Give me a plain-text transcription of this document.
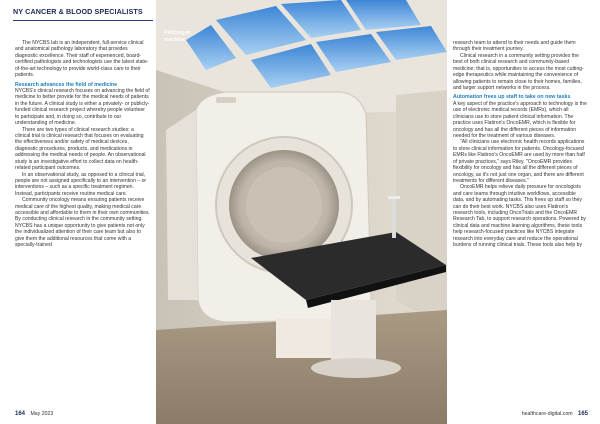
NY CANCER & BLOOD SPECIALISTS

The NYCBS lab is an independent, full-service clinical and anatomical pathology laboratory that provides diagnostic excellence. Their staff of experienced, board-certified pathologists and technologists use the latest state-of-the-art technology to provide world-class care to their patients.

Research advances the field of medicine

NYCBS's clinical research focuses on advancing the field of medicine to better provide for the medical needs of patients in the future. A clinical study is either a privately- or publicly-funded clinical research project whereby people volunteer to participate and, in doing so, contribute to our understanding of medicine.

There are two types of clinical research studies: a clinical trial is clinical research that focuses on evaluating the effectiveness and/or safety of medical devices, diagnostic procedures, products, and medications in addressing the medical needs of people. An observational study is an investigative effort to collect data on health-related participant outcomes.

In an observational study, as opposed to a clinical trial, people are not assigned specifically to an intervention – or interventions – such as a specific treatment regimen. Instead, participants receive routine medical care.

Community oncology means ensuring patients receive medical care of the highest quality, making medical care accessible and affordable to them in their own communities. By conducting clinical research in the community setting, NYCBS has a unique opportunity to give patients not only the individualized attention of their care team but also to give them the additional resources that come with a specially-trained

Patchogue
machine

research team to attend to their needs and guide them through their treatment journey.

Clinical research in a community setting provides the best of both clinical research and community-based medicine; that is, opportunities to access the most cutting-edge therapeutics while maintaining the convenience of allowing patients to remain close to their homes, families, and larger support networks in the process.

Automation frees up staff to take on new tasks

A key aspect of the practice's approach to technology is the use of electronic medical records (EMRs), which all clinicians use to store patient clinical information. The practice uses Flatiron's OncoEMR, which is flexible for oncology and has all the different pieces of information needed for the treatment of various diseases.

"All clinicians use electronic health records applications to store clinical information for patients. Oncology-focused EMRs like Flatiron's OncoEMR are used by more than half of private practices," says Riley. "OncoEMR provides flexibility for oncology and has all the different pieces of oncology, as it's not just one organ, and there are different treatments for different diseases."

OncoEMR helps relieve daily pressure for oncologists and care teams through intuitive workflows, accessible data, and by automating tasks. This frees up staff so they can do their best work. NYCBS also uses Flatiron's research tools, including OncoTrials and the OncoEMR Research Tab, to support research operations. Powered by clinical data and machine learning algorithms, these tools help research-focused practices like NYCBS integrate research into everyday care and reduce the operational burdens of running clinical trials. These tools also help by

164 May 2023	healthcare-digital.com 165
